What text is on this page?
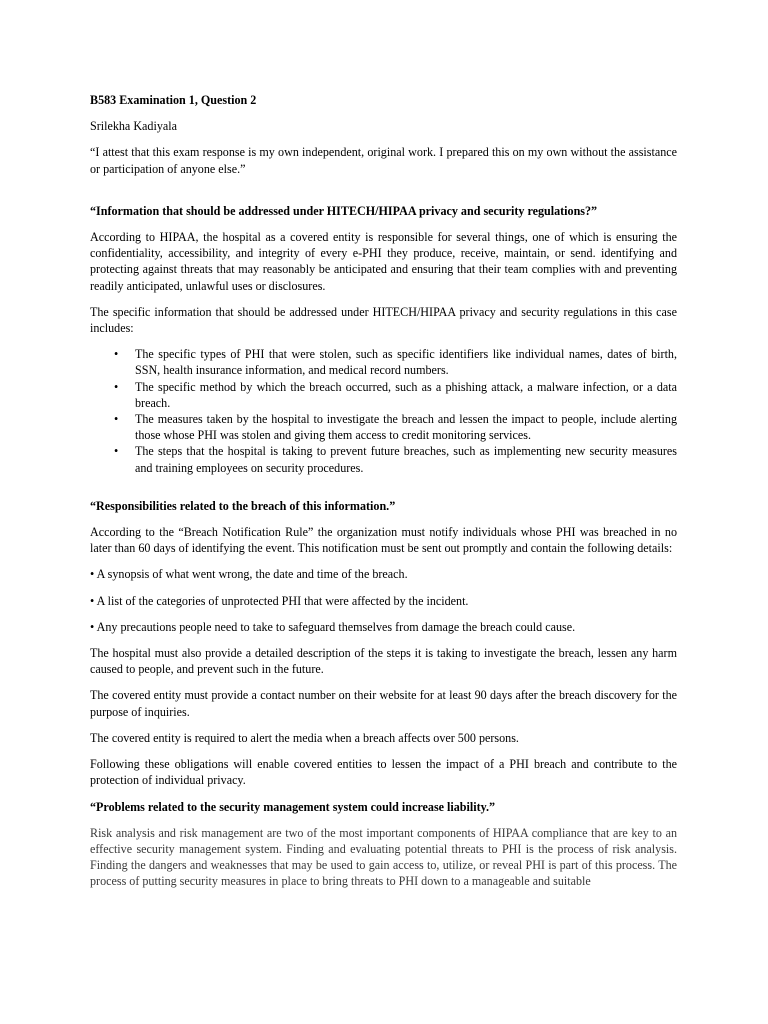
B583 Examination 1, Question 2

Srilekha Kadiyala

“I attest that this exam response is my own independent, original work. I prepared this on my own without the assistance or participation of anyone else.”

“Information that should be addressed under HITECH/HIPAA privacy and security regulations?”

According to HIPAA, the hospital as a covered entity is responsible for several things, one of which is ensuring the confidentiality, accessibility, and integrity of every e-PHI they produce, receive, maintain, or send. identifying and protecting against threats that may reasonably be anticipated and ensuring that their team complies with and preventing readily anticipated, unlawful uses or disclosures.

The specific information that should be addressed under HITECH/HIPAA privacy and security regulations in this case includes:

• The specific types of PHI that were stolen, such as specific identifiers like individual names, dates of birth, SSN, health insurance information, and medical record numbers.
• The specific method by which the breach occurred, such as a phishing attack, a malware infection, or a data breach.
• The measures taken by the hospital to investigate the breach and lessen the impact to people, include alerting those whose PHI was stolen and giving them access to credit monitoring services.
• The steps that the hospital is taking to prevent future breaches, such as implementing new security measures and training employees on security procedures.

“Responsibilities related to the breach of this information.”

According to the “Breach Notification Rule” the organization must notify individuals whose PHI was breached in no later than 60 days of identifying the event. This notification must be sent out promptly and contain the following details:

• A synopsis of what went wrong, the date and time of the breach.

• A list of the categories of unprotected PHI that were affected by the incident.

• Any precautions people need to take to safeguard themselves from damage the breach could cause.

The hospital must also provide a detailed description of the steps it is taking to investigate the breach, lessen any harm caused to people, and prevent such in the future.

The covered entity must provide a contact number on their website for at least 90 days after the breach discovery for the purpose of inquiries.

The covered entity is required to alert the media when a breach affects over 500 persons.

Following these obligations will enable covered entities to lessen the impact of a PHI breach and contribute to the protection of individual privacy.

“Problems related to the security management system could increase liability.”

Risk analysis and risk management are two of the most important components of HIPAA compliance that are key to an effective security management system. Finding and evaluating potential threats to PHI is the process of risk analysis. Finding the dangers and weaknesses that may be used to gain access to, utilize, or reveal PHI is part of this process. The process of putting security measures in place to bring threats to PHI down to a manageable and suitable
